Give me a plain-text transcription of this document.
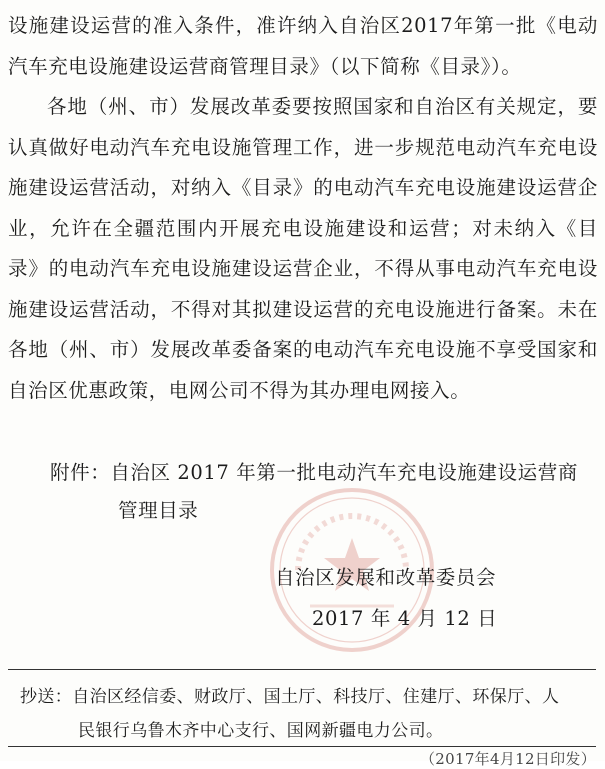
设施建设运营的准入条件，准许纳入自治区2017年第一批《电动汽车充电设施建设运营商管理目录》（以下简称《目录》）。

各地（州、市）发展改革委要按照国家和自治区有关规定，要认真做好电动汽车充电设施管理工作，进一步规范电动汽车充电设施建设运营活动，对纳入《目录》的电动汽车充电设施建设运营企业，允许在全疆范围内开展充电设施建设和运营；对未纳入《目录》的电动汽车充电设施建设运营企业，不得从事电动汽车充电设施建设运营活动，不得对其拟建设运营的充电设施进行备案。未在各地（州、市）发展改革委备案的电动汽车充电设施不享受国家和自治区优惠政策，电网公司不得为其办理电网接入。

附件：自治区 2017 年第一批电动汽车充电设施建设运营商
管理目录
自治区发展和改革委员会
2017 年 4 月 12 日
抄送：自治区经信委、财政厅、国土厅、科技厅、住建厅、环保厅、人
民银行乌鲁木齐中心支行、国网新疆电力公司。
（2017年4月12日印发）
